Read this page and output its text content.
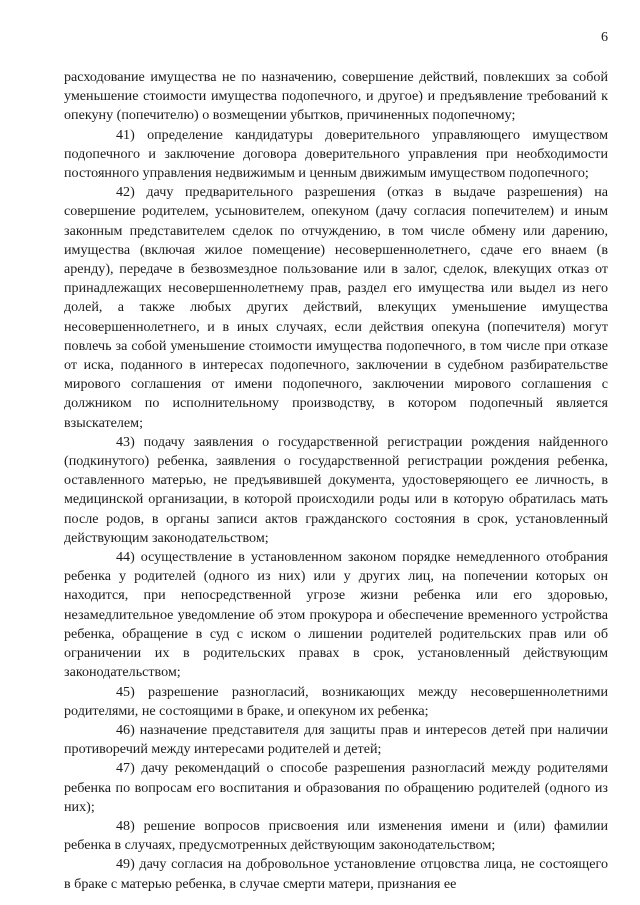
6

расходование имущества не по назначению, совершение действий, повлекших за собой уменьшение стоимости имущества подопечного, и другое) и предъявление требований к опекуну (попечителю) о возмещении убытков, причиненных подопечному;

41) определение кандидатуры доверительного управляющего имуществом подопечного и заключение договора доверительного управления при необходимости постоянного управления недвижимым и ценным движимым имуществом подопечного;

42) дачу предварительного разрешения (отказ в выдаче разрешения) на совершение родителем, усыновителем, опекуном (дачу согласия попечителем) и иным законным представителем сделок по отчуждению, в том числе обмену или дарению, имущества (включая жилое помещение) несовершеннолетнего, сдаче его внаем (в аренду), передаче в безвозмездное пользование или в залог, сделок, влекущих отказ от принадлежащих несовершеннолетнему прав, раздел его имущества или выдел из него долей, а также любых других действий, влекущих уменьшение имущества несовершеннолетнего, и в иных случаях, если действия опекуна (попечителя) могут повлечь за собой уменьшение стоимости имущества подопечного, в том числе при отказе от иска, поданного в интересах подопечного, заключении в судебном разбирательстве мирового соглашения от имени подопечного, заключении мирового соглашения с должником по исполнительному производству, в котором подопечный является взыскателем;

43) подачу заявления о государственной регистрации рождения найденного (подкинутого) ребенка, заявления о государственной регистрации рождения ребенка, оставленного матерью, не предъявившей документа, удостоверяющего ее личность, в медицинской организации, в которой происходили роды или в которую обратилась мать после родов, в органы записи актов гражданского состояния в срок, установленный действующим законодательством;

44) осуществление в установленном законом порядке немедленного отобрания ребенка у родителей (одного из них) или у других лиц, на попечении которых он находится, при непосредственной угрозе жизни ребенка или его здоровью, незамедлительное уведомление об этом прокурора и обеспечение временного устройства ребенка, обращение в суд с иском о лишении родителей родительских прав или об ограничении их в родительских правах в срок, установленный действующим законодательством;

45) разрешение разногласий, возникающих между несовершеннолетними родителями, не состоящими в браке, и опекуном их ребенка;

46) назначение представителя для защиты прав и интересов детей при наличии противоречий между интересами родителей и детей;

47) дачу рекомендаций о способе разрешения разногласий между родителями ребенка по вопросам его воспитания и образования по обращению родителей (одного из них);

48) решение вопросов присвоения или изменения имени и (или) фамилии ребенка в случаях, предусмотренных действующим законодательством;

49) дачу согласия на добровольное установление отцовства лица, не состоящего в браке с матерью ребенка, в случае смерти матери, признания ее
